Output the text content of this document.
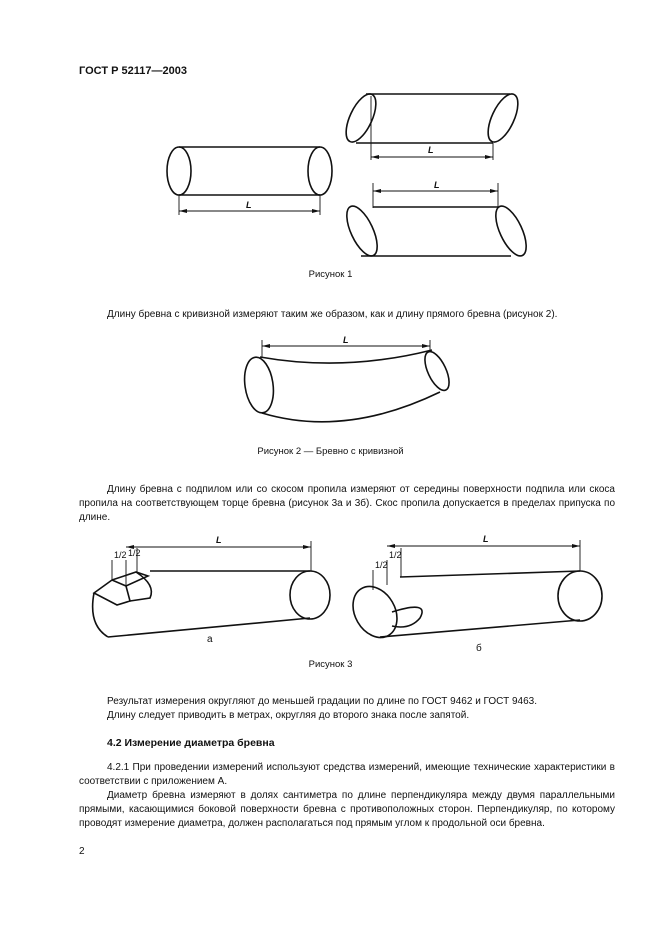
ГОСТ Р 52117—2003
L
L
L
L
L
1/2 1/2
L
1/2
1/2
Рисунок 1
Длину бревна с кривизной измеряют таким же образом, как и длину прямого бревна (рисунок 2).
Рисунок 2 — Бревно с кривизной
Длину бревна с подпилом или со скосом пропила измеряют от середины поверхности подпила или скоса пропила на соответствующем торце бревна (рисунок 3а и 3б). Скос пропила допускается в пределах припуска по длине.
а
б
Рисунок 3
Результат измерения округляют до меньшей градации по длине по ГОСТ 9462 и ГОСТ 9463.
Длину следует приводить в метрах, округляя до второго знака после запятой.
4.2 Измерение диаметра бревна
4.2.1 При проведении измерений используют средства измерений, имеющие технические характеристики в соответствии с приложением А.
Диаметр бревна измеряют в долях сантиметра по длине перпендикуляра между двумя параллельными прямыми, касающимися боковой поверхности бревна с противоположных сторон. Перпендикуляр, по которому проводят измерение диаметра, должен располагаться под прямым углом к продольной оси бревна.
2
